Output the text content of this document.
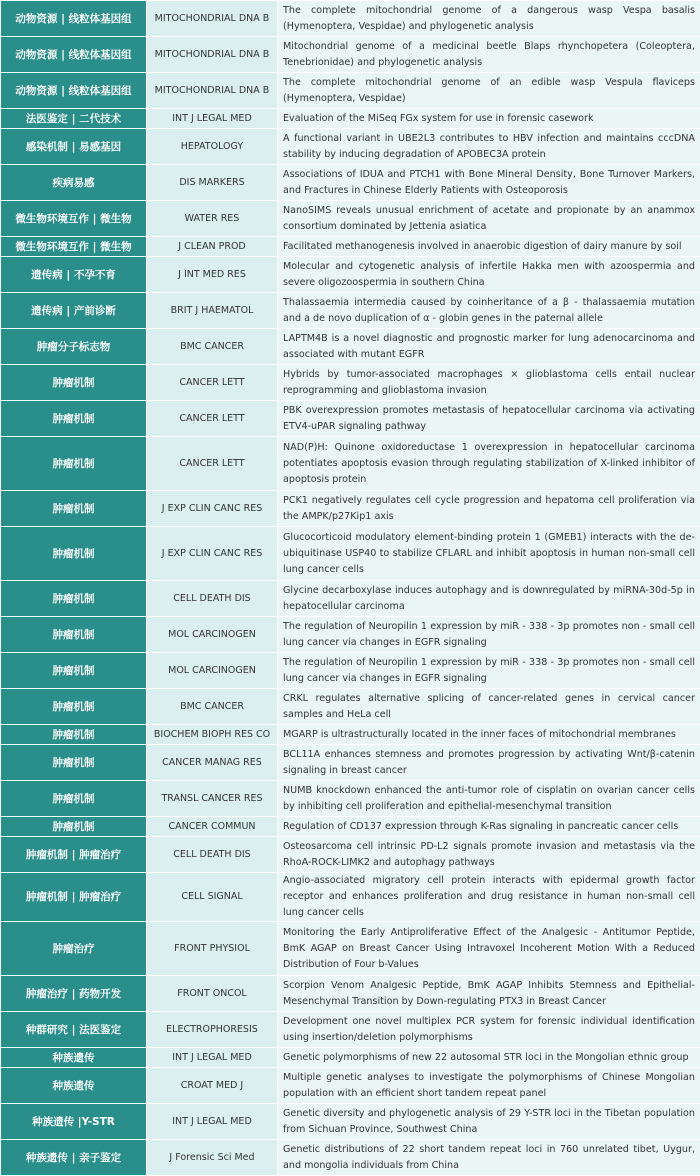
动物资源 | 线粒体基因组	MITOCHONDRIAL DNA B	The complete mitochondrial genome of a dangerous wasp Vespa basalis (Hymenoptera, Vespidae) and phylogenetic analysis
动物资源 | 线粒体基因组	MITOCHONDRIAL DNA B	Mitochondrial genome of a medicinal beetle Blaps rhynchopetera (Coleoptera, Tenebrionidae) and phylogenetic analysis
动物资源 | 线粒体基因组	MITOCHONDRIAL DNA B	The complete mitochondrial genome of an edible wasp Vespula flaviceps (Hymenoptera, Vespidae)
法医鉴定 | 二代技术	INT J LEGAL MED	Evaluation of the MiSeq FGx system for use in forensic casework
感染机制 | 易感基因	HEPATOLOGY	A functional variant in UBE2L3 contributes to HBV infection and maintains cccDNA stability by inducing degradation of APOBEC3A protein
疾病易感	DIS MARKERS	Associations of IDUA and PTCH1 with Bone Mineral Density, Bone Turnover Markers, and Fractures in Chinese Elderly Patients with Osteoporosis
微生物环境互作 | 微生物	WATER RES	NanoSIMS reveals unusual enrichment of acetate and propionate by an anammox consortium dominated by Jettenia asiatica
微生物环境互作 | 微生物	J CLEAN PROD	Facilitated methanogenesis involved in anaerobic digestion of dairy manure by soil
遗传病 | 不孕不育	J INT MED RES	Molecular and cytogenetic analysis of infertile Hakka men with azoospermia and severe oligozoospermia in southern China
遗传病 | 产前诊断	BRIT J HAEMATOL	Thalassaemia intermedia caused by coinheritance of a β - thalassaemia mutation and a de novo duplication of α - globin genes in the paternal allele
肿瘤分子标志物	BMC CANCER	LAPTM4B is a novel diagnostic and prognostic marker for lung adenocarcinoma and associated with mutant EGFR
肿瘤机制	CANCER LETT	Hybrids by tumor-associated macrophages × glioblastoma cells entail nuclear reprogramming and glioblastoma invasion
肿瘤机制	CANCER LETT	PBK overexpression promotes metastasis of hepatocellular carcinoma via activating ETV4-uPAR signaling pathway
肿瘤机制	CANCER LETT	NAD(P)H: Quinone oxidoreductase 1 overexpression in hepatocellular carcinoma potentiates apoptosis evasion through regulating stabilization of X-linked inhibitor of apoptosis protein
肿瘤机制	J EXP CLIN CANC RES	PCK1 negatively regulates cell cycle progression and hepatoma cell proliferation via the AMPK/p27Kip1 axis
肿瘤机制	J EXP CLIN CANC RES	Glucocorticoid modulatory element-binding protein 1 (GMEB1) interacts with the de-ubiquitinase USP40 to stabilize CFLARL and inhibit apoptosis in human non-small cell lung cancer cells
肿瘤机制	CELL DEATH DIS	Glycine decarboxylase induces autophagy and is downregulated by miRNA-30d-5p in hepatocellular carcinoma
肿瘤机制	MOL CARCINOGEN	The regulation of Neuropilin 1 expression by miR - 338 - 3p promotes non - small cell lung cancer via changes in EGFR signaling
肿瘤机制	MOL CARCINOGEN	The regulation of Neuropilin 1 expression by miR - 338 - 3p promotes non - small cell lung cancer via changes in EGFR signaling
肿瘤机制	BMC CANCER	CRKL regulates alternative splicing of cancer-related genes in cervical cancer samples and HeLa cell
肿瘤机制	BIOCHEM BIOPH RES CO	MGARP is ultrastructurally located in the inner faces of mitochondrial membranes
肿瘤机制	CANCER MANAG RES	BCL11A enhances stemness and promotes progression by activating Wnt/β-catenin signaling in breast cancer
肿瘤机制	TRANSL CANCER RES	NUMB knockdown enhanced the anti-tumor role of cisplatin on ovarian cancer cells by inhibiting cell proliferation and epithelial-mesenchymal transition
肿瘤机制	CANCER COMMUN	Regulation of CD137 expression through K-Ras signaling in pancreatic cancer cells
肿瘤机制 | 肿瘤治疗	CELL DEATH DIS	Osteosarcoma cell intrinsic PD-L2 signals promote invasion and metastasis via the RhoA-ROCK-LIMK2 and autophagy pathways
肿瘤机制 | 肿瘤治疗	CELL SIGNAL	Angio-associated migratory cell protein interacts with epidermal growth factor receptor and enhances proliferation and drug resistance in human non-small cell lung cancer cells
肿瘤治疗	FRONT PHYSIOL	Monitoring the Early Antiproliferative Effect of the Analgesic - Antitumor Peptide, BmK AGAP on Breast Cancer Using Intravoxel Incoherent Motion With a Reduced Distribution of Four b-Values
肿瘤治疗 | 药物开发	FRONT ONCOL	Scorpion Venom Analgesic Peptide, BmK AGAP Inhibits Stemness and Epithelial-Mesenchymal Transition by Down-regulating PTX3 in Breast Cancer
种群研究 | 法医鉴定	ELECTROPHORESIS	Development one novel multiplex PCR system for forensic individual identification using insertion/deletion polymorphisms
种族遗传	INT J LEGAL MED	Genetic polymorphisms of new 22 autosomal STR loci in the Mongolian ethnic group
种族遗传	CROAT MED J	Multiple genetic analyses to investigate the polymorphisms of Chinese Mongolian population with an efficient short tandem repeat panel
种族遗传 |Y-STR	INT J LEGAL MED	Genetic diversity and phylogenetic analysis of 29 Y-STR loci in the Tibetan population from Sichuan Province, Southwest China
种族遗传 | 亲子鉴定	J Forensic Sci Med	Genetic distributions of 22 short tandem repeat loci in 760 unrelated tibet, Uygur, and mongolia individuals from China
